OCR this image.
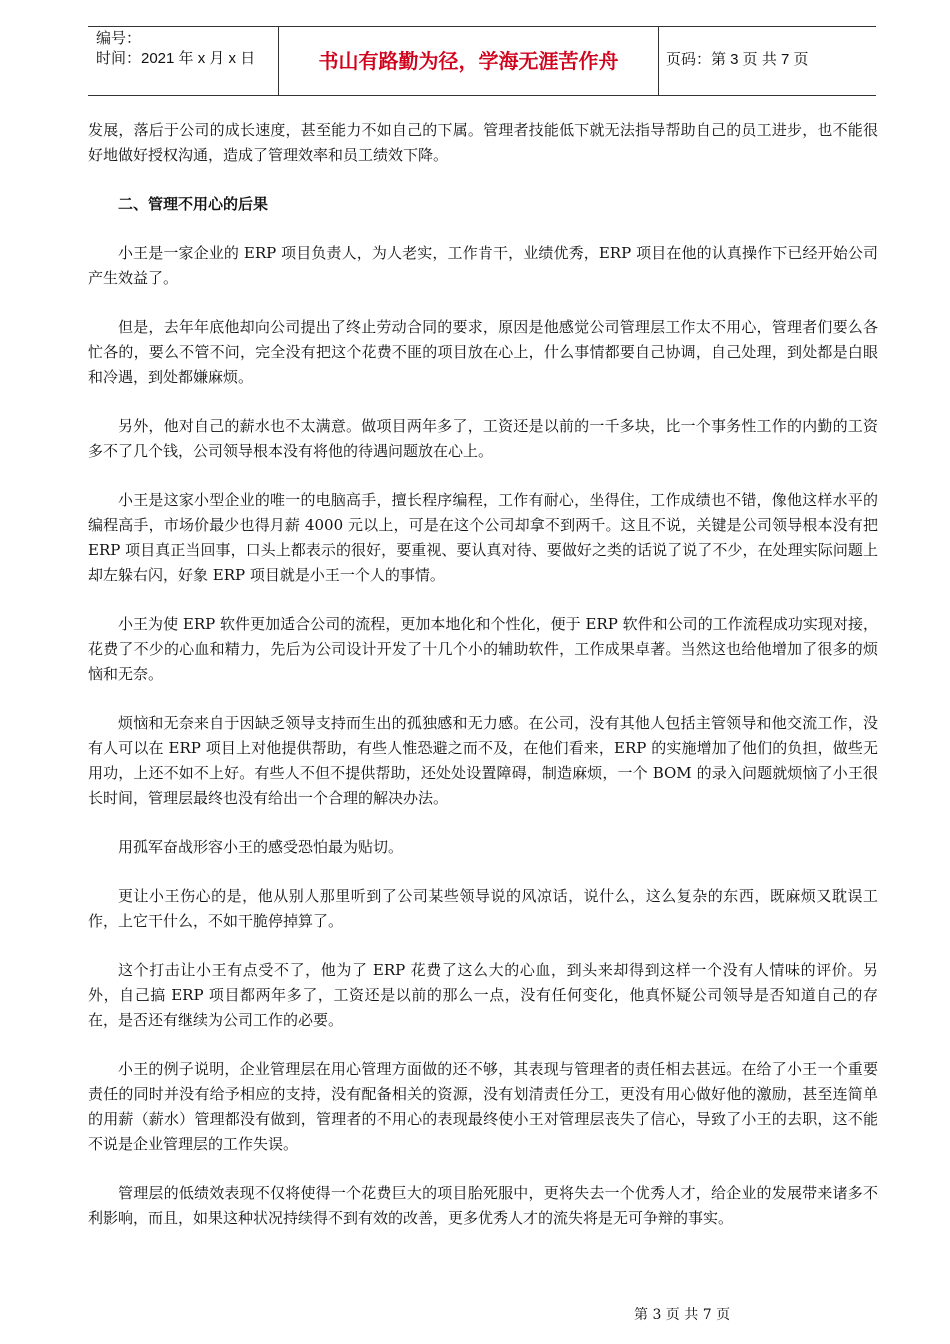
编号：
时间：2021 年 x 月 x 日	书山有路勤为径，学海无涯苦作舟	页码：第 3 页 共 7 页

发展，落后于公司的成长速度，甚至能力不如自己的下属。管理者技能低下就无法指导帮助自己的员工进步，也不能很好地做好授权沟通，造成了管理效率和员工绩效下降。

二、管理不用心的后果

小王是一家企业的 ERP 项目负责人，为人老实，工作肯干，业绩优秀，ERP 项目在他的认真操作下已经开始公司产生效益了。

但是，去年年底他却向公司提出了终止劳动合同的要求，原因是他感觉公司管理层工作太不用心，管理者们要么各忙各的，要么不管不问，完全没有把这个花费不匪的项目放在心上，什么事情都要自己协调，自己处理，到处都是白眼和冷遇，到处都嫌麻烦。

另外，他对自己的薪水也不太满意。做项目两年多了，工资还是以前的一千多块，比一个事务性工作的内勤的工资多不了几个钱，公司领导根本没有将他的待遇问题放在心上。

小王是这家小型企业的唯一的电脑高手，擅长程序编程，工作有耐心，坐得住，工作成绩也不错，像他这样水平的编程高手，市场价最少也得月薪 4000 元以上，可是在这个公司却拿不到两千。这且不说，关键是公司领导根本没有把 ERP 项目真正当回事，口头上都表示的很好，要重视、要认真对待、要做好之类的话说了说了不少，在处理实际问题上却左躲右闪，好象 ERP 项目就是小王一个人的事情。

小王为使 ERP 软件更加适合公司的流程，更加本地化和个性化，便于 ERP 软件和公司的工作流程成功实现对接，花费了不少的心血和精力，先后为公司设计开发了十几个小的辅助软件，工作成果卓著。当然这也给他增加了很多的烦恼和无奈。

烦恼和无奈来自于因缺乏领导支持而生出的孤独感和无力感。在公司，没有其他人包括主管领导和他交流工作，没有人可以在 ERP 项目上对他提供帮助，有些人惟恐避之而不及，在他们看来，ERP 的实施增加了他们的负担，做些无用功，上还不如不上好。有些人不但不提供帮助，还处处设置障碍，制造麻烦，一个 BOM 的录入问题就烦恼了小王很长时间，管理层最终也没有给出一个合理的解决办法。

用孤军奋战形容小王的感受恐怕最为贴切。

更让小王伤心的是，他从别人那里听到了公司某些领导说的风凉话，说什么，这么复杂的东西，既麻烦又耽误工作，上它干什么，不如干脆停掉算了。

这个打击让小王有点受不了，他为了 ERP 花费了这么大的心血，到头来却得到这样一个没有人情味的评价。另外，自己搞 ERP 项目都两年多了，工资还是以前的那么一点，没有任何变化，他真怀疑公司领导是否知道自己的存在，是否还有继续为公司工作的必要。

小王的例子说明，企业管理层在用心管理方面做的还不够，其表现与管理者的责任相去甚远。在给了小王一个重要责任的同时并没有给予相应的支持，没有配备相关的资源，没有划清责任分工，更没有用心做好他的激励，甚至连简单的用薪（薪水）管理都没有做到，管理者的不用心的表现最终使小王对管理层丧失了信心，导致了小王的去职，这不能不说是企业管理层的工作失误。

管理层的低绩效表现不仅将使得一个花费巨大的项目胎死服中，更将失去一个优秀人才，给企业的发展带来诸多不利影响，而且，如果这种状况持续得不到有效的改善，更多优秀人才的流失将是无可争辩的事实。

第 3 页 共 7 页
